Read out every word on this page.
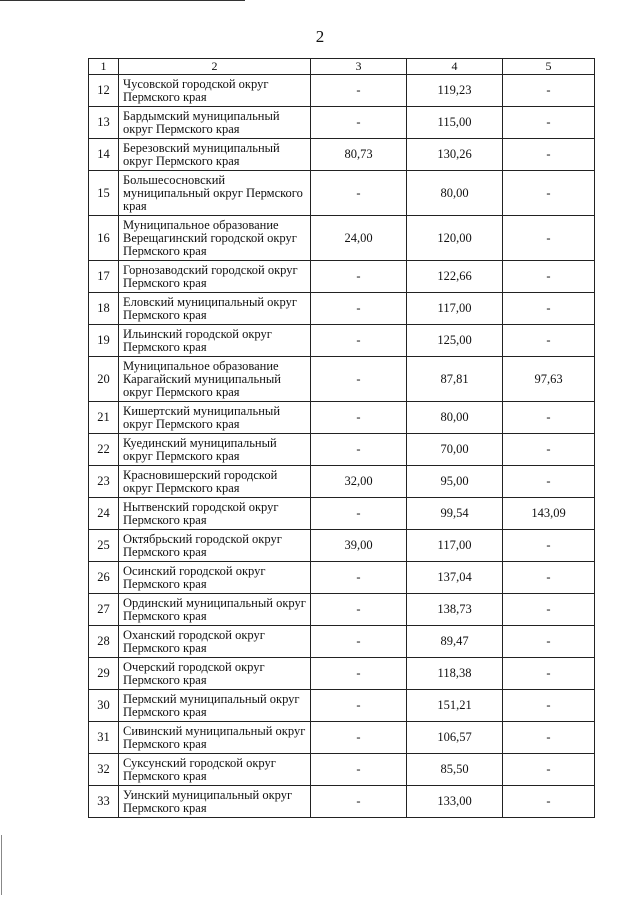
2
1	2	3	4	5
12	Чусовской городской округ Пермского края	-	119,23	-
13	Бардымский муниципальный округ Пермского края	-	115,00	-
14	Березовский муниципальный округ Пермского края	80,73	130,26	-
15	Большесосновский муниципальный округ Пермского края	-	80,00	-
16	Муниципальное образование Верещагинский городской округ Пермского края	24,00	120,00	-
17	Горнозаводский городской округ Пермского края	-	122,66	-
18	Еловский муниципальный округ Пермского края	-	117,00	-
19	Ильинский городской округ Пермского края	-	125,00	-
20	Муниципальное образование Карагайский муниципальный округ Пермского края	-	87,81	97,63
21	Кишертский муниципальный округ Пермского края	-	80,00	-
22	Куединский муниципальный округ Пермского края	-	70,00	-
23	Красновишерский городской округ Пермского края	32,00	95,00	-
24	Нытвенский городской округ Пермского края	-	99,54	143,09
25	Октябрьский городской округ Пермского края	39,00	117,00	-
26	Осинский городской округ Пермского края	-	137,04	-
27	Ординский муниципальный округ Пермского края	-	138,73	-
28	Оханский городской округ Пермского края	-	89,47	-
29	Очерский городской округ Пермского края	-	118,38	-
30	Пермский муниципальный округ Пермского края	-	151,21	-
31	Сивинский муниципальный округ Пермского края	-	106,57	-
32	Суксунский городской округ Пермского края	-	85,50	-
33	Уинский муниципальный округ Пермского края	-	133,00	-
